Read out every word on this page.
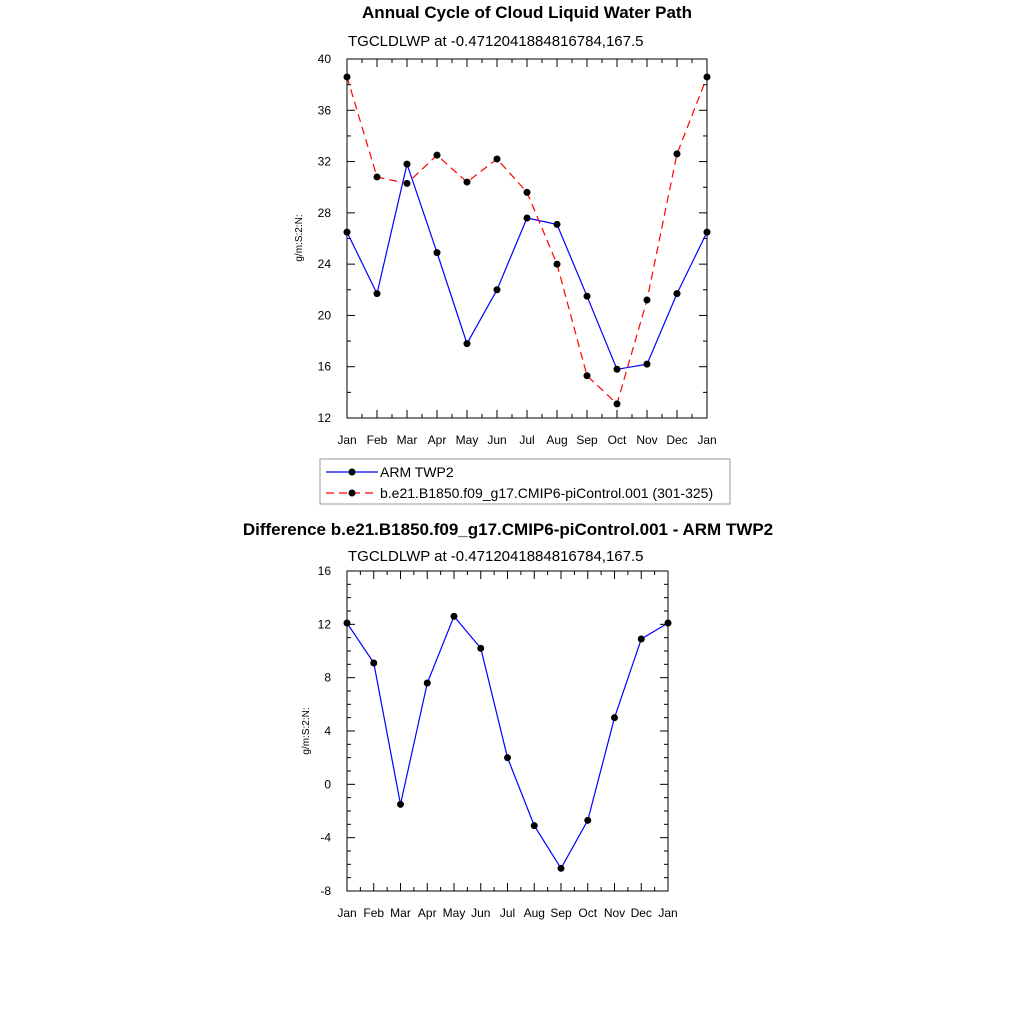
Annual Cycle of Cloud Liquid Water Path
TGCLDLWP at -0.4712041884816784,167.5
g/m:S:2:N:
12
16
20
24
28
32
36
40
Jan Feb Mar Apr May Jun Jul Aug Sep Oct Nov Dec Jan
ARM TWP2
b.e21.B1850.f09_g17.CMIP6-piControl.001 (301-325)
Difference b.e21.B1850.f09_g17.CMIP6-piControl.001 - ARM TWP2
TGCLDLWP at -0.4712041884816784,167.5
g/m:S:2:N:
-8
-4
0
4
8
12
16
Jan Feb Mar Apr May Jun Jul Aug Sep Oct Nov Dec Jan
